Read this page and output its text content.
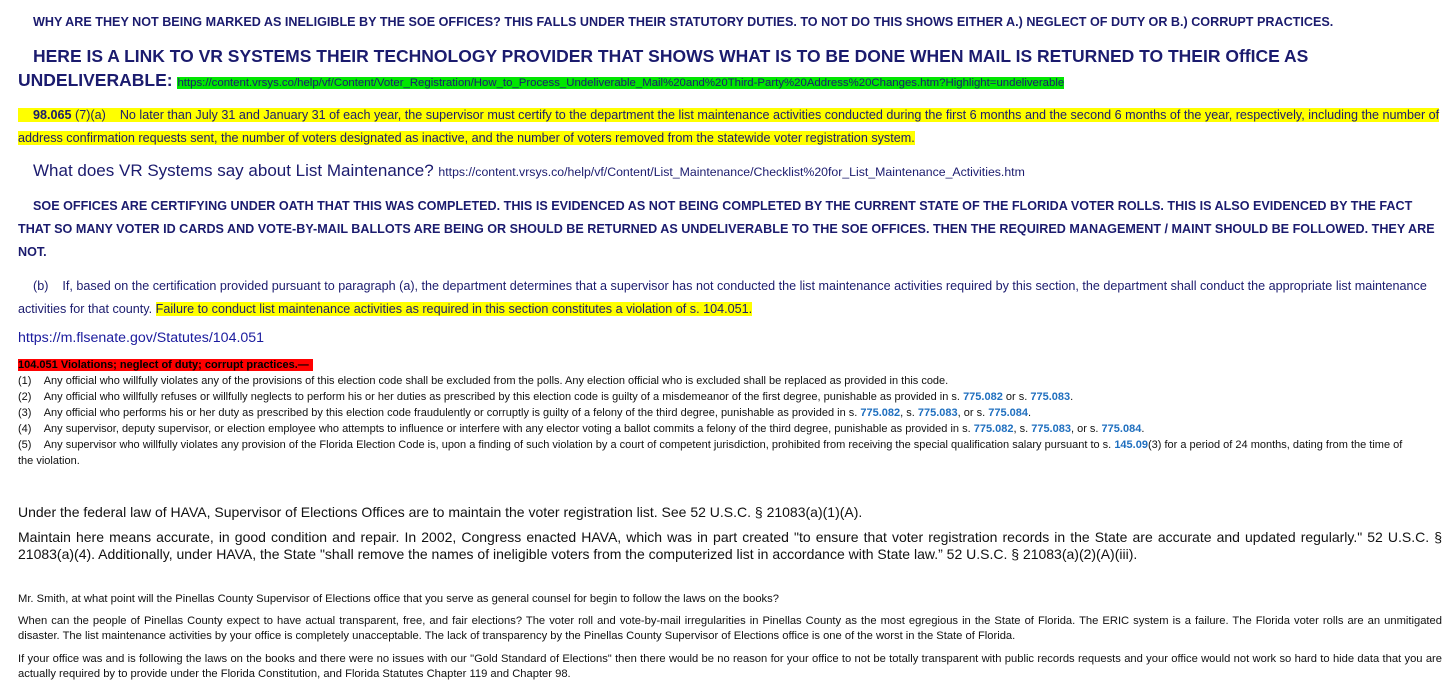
WHY ARE THEY NOT BEING MARKED AS INELIGIBLE BY THE SOE OFFICES? THIS FALLS UNDER THEIR STATUTORY DUTIES. TO NOT DO THIS SHOWS EITHER A.) NEGLECT OF DUTY OR B.) CORRUPT PRACTICES.
HERE IS A LINK TO VR SYSTEMS THEIR TECHNOLOGY PROVIDER THAT SHOWS WHAT IS TO BE DONE WHEN MAIL IS RETURNED TO THEIR OffICE AS UNDELIVERABLE: https://content.vrsys.co/help/vf/Content/Voter_Registration/How_to_Process_Undeliverable_Mail%20and%20Third-Party%20Address%20Changes.htm?Highlight=undeliverable
98.065 (7)(a) No later than July 31 and January 31 of each year, the supervisor must certify to the department the list maintenance activities conducted during the first 6 months and the second 6 months of the year, respectively, including the number of address confirmation requests sent, the number of voters designated as inactive, and the number of voters removed from the statewide voter registration system.
What does VR Systems say about List Maintenance? https://content.vrsys.co/help/vf/Content/List_Maintenance/Checklist%20for_List_Maintenance_Activities.htm
SOE OFFICES ARE CERTIFYING UNDER OATH THAT THIS WAS COMPLETED. THIS IS EVIDENCED AS NOT BEING COMPLETED BY THE CURRENT STATE OF THE FLORIDA VOTER ROLLS. THIS IS ALSO EVIDENCED BY THE FACT THAT SO MANY VOTER ID CARDS AND VOTE-BY-MAIL BALLOTS ARE BEING OR SHOULD BE RETURNED AS UNDELIVERABLE TO THE SOE OFFICES. THEN THE REQUIRED MANAGEMENT / MAINT SHOULD BE FOLLOWED. THEY ARE NOT.
(b) If, based on the certification provided pursuant to paragraph (a), the department determines that a supervisor has not conducted the list maintenance activities required by this section, the department shall conduct the appropriate list maintenance activities for that county. Failure to conduct list maintenance activities as required in this section constitutes a violation of s. 104.051.
https://m.flsenate.gov/Statutes/104.051
104.051 Violations; neglect of duty; corrupt practices.—
(1) Any official who willfully violates any of the provisions of this election code shall be excluded from the polls. Any election official who is excluded shall be replaced as provided in this code.
(2) Any official who willfully refuses or willfully neglects to perform his or her duties as prescribed by this election code is guilty of a misdemeanor of the first degree, punishable as provided in s. 775.082 or s. 775.083.
(3) Any official who performs his or her duty as prescribed by this election code fraudulently or corruptly is guilty of a felony of the third degree, punishable as provided in s. 775.082, s. 775.083, or s. 775.084.
(4) Any supervisor, deputy supervisor, or election employee who attempts to influence or interfere with any elector voting a ballot commits a felony of the third degree, punishable as provided in s. 775.082, s. 775.083, or s. 775.084.
(5) Any supervisor who willfully violates any provision of the Florida Election Code is, upon a finding of such violation by a court of competent jurisdiction, prohibited from receiving the special qualification salary pursuant to s. 145.09(3) for a period of 24 months, dating from the time of the violation.
Under the federal law of HAVA, Supervisor of Elections Offices are to maintain the voter registration list. See 52 U.S.C. § 21083(a)(1)(A).
Maintain here means accurate, in good condition and repair. In 2002, Congress enacted HAVA, which was in part created "to ensure that voter registration records in the State are accurate and updated regularly." 52 U.S.C. § 21083(a)(4). Additionally, under HAVA, the State "shall remove the names of ineligible voters from the computerized list in accordance with State law.” 52 U.S.C. § 21083(a)(2)(A)(iii).
Mr. Smith, at what point will the Pinellas County Supervisor of Elections office that you serve as general counsel for begin to follow the laws on the books?
When can the people of Pinellas County expect to have actual transparent, free, and fair elections? The voter roll and vote-by-mail irregularities in Pinellas County as the most egregious in the State of Florida. The ERIC system is a failure. The Florida voter rolls are an unmitigated disaster. The list maintenance activities by your office is completely unacceptable. The lack of transparency by the Pinellas County Supervisor of Elections office is one of the worst in the State of Florida.
If your office was and is following the laws on the books and there were no issues with our "Gold Standard of Elections" then there would be no reason for your office to not be totally transparent with public records requests and your office would not work so hard to hide data that you are actually required by to provide under the Florida Constitution, and Florida Statutes Chapter 119 and Chapter 98.
